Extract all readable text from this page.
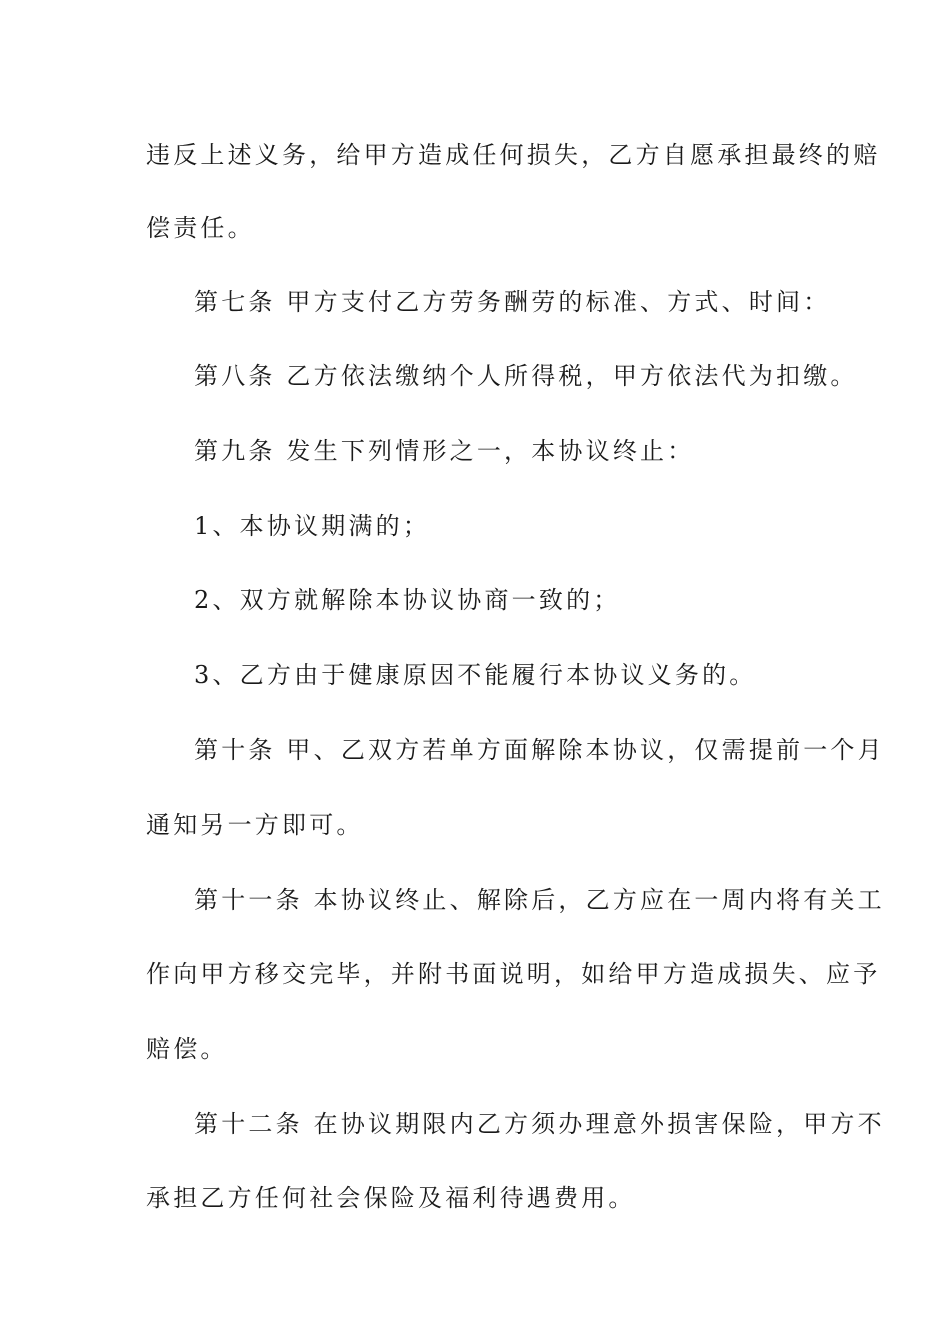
违反上述义务，给甲方造成任何损失，乙方自愿承担最终的赔

偿责任。

第七条 甲方支付乙方劳务酬劳的标准、方式、时间：

第八条 乙方依法缴纳个人所得税，甲方依法代为扣缴。

第九条 发生下列情形之一，本协议终止：

1、本协议期满的；

2、双方就解除本协议协商一致的；

3、乙方由于健康原因不能履行本协议义务的。

第十条 甲、乙双方若单方面解除本协议，仅需提前一个月

通知另一方即可。

第十一条 本协议终止、解除后，乙方应在一周内将有关工

作向甲方移交完毕，并附书面说明，如给甲方造成损失、应予

赔偿。

第十二条 在协议期限内乙方须办理意外损害保险，甲方不

承担乙方任何社会保险及福利待遇费用。
